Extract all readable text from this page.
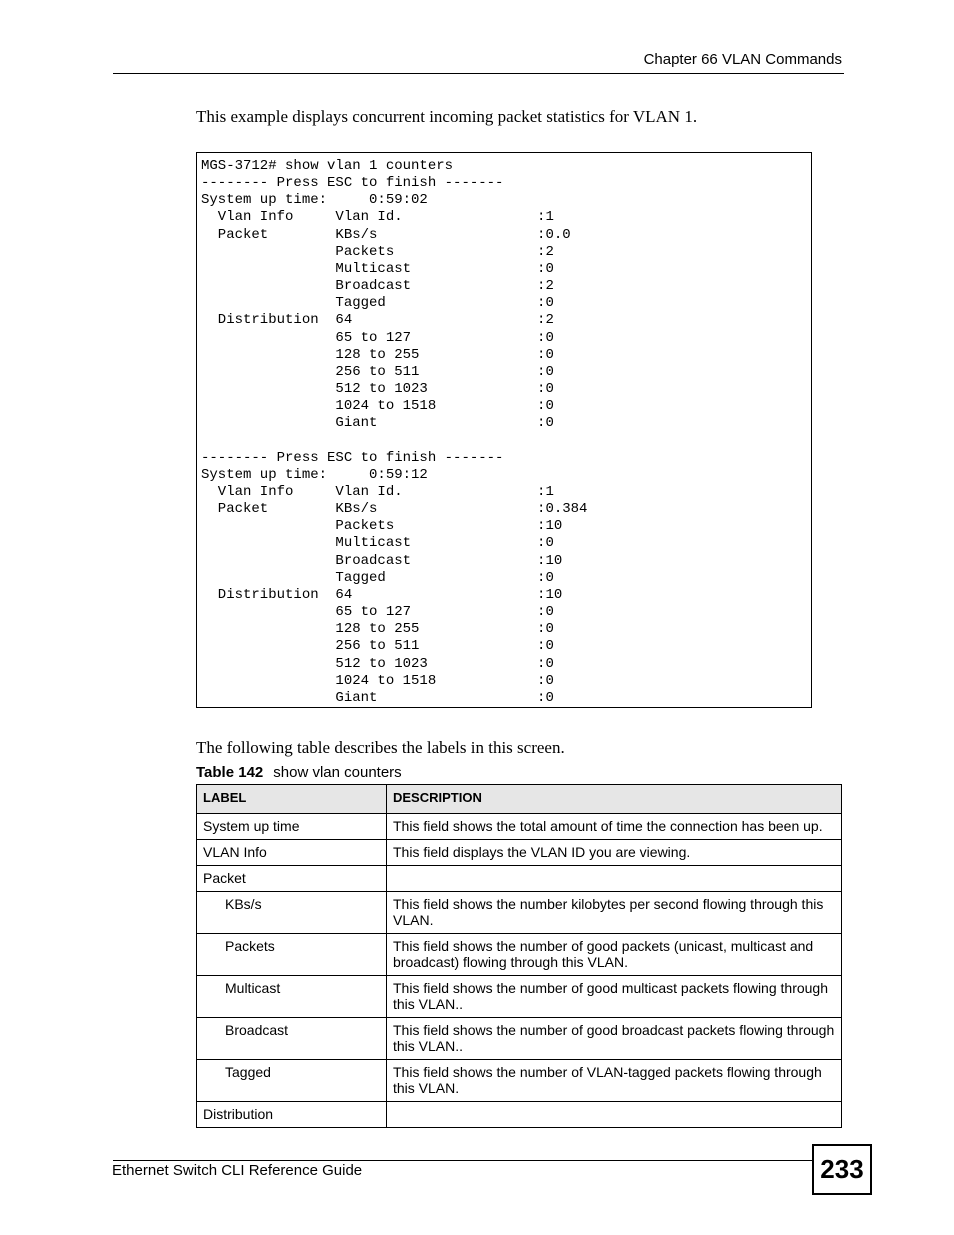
Chapter 66 VLAN Commands
This example displays concurrent incoming packet statistics for VLAN 1.
MGS-3712# show vlan 1 counters
-------- Press ESC to finish -------
System up time:     0:59:02
Vlan Info     Vlan Id.                :1
Packet        KBs/s                   :0.0
Packets                 :2
Multicast               :0
Broadcast               :2
Tagged                  :0
Distribution  64                      :2
65 to 127               :0
128 to 255              :0
256 to 511              :0
512 to 1023             :0
1024 to 1518            :0
Giant                   :0

-------- Press ESC to finish -------
System up time:     0:59:12
Vlan Info     Vlan Id.                :1
Packet        KBs/s                   :0.384
Packets                 :10
Multicast               :0
Broadcast               :10
Tagged                  :0
Distribution  64                      :10
65 to 127               :0
128 to 255              :0
256 to 511              :0
512 to 1023             :0
1024 to 1518            :0
Giant                   :0
The following table describes the labels in this screen.
Table 142 show vlan counters
LABEL	DESCRIPTION
System up time	This field shows the total amount of time the connection has been up.
VLAN Info	This field displays the VLAN ID you are viewing.
Packet	
KBs/s	This field shows the number kilobytes per second flowing through this VLAN.
Packets	This field shows the number of good packets (unicast, multicast and broadcast) flowing through this VLAN.
Multicast	This field shows the number of good multicast packets flowing through this VLAN..
Broadcast	This field shows the number of good broadcast packets flowing through this VLAN..
Tagged	This field shows the number of VLAN-tagged packets flowing through this VLAN.
Distribution	
Ethernet Switch CLI Reference Guide	233
